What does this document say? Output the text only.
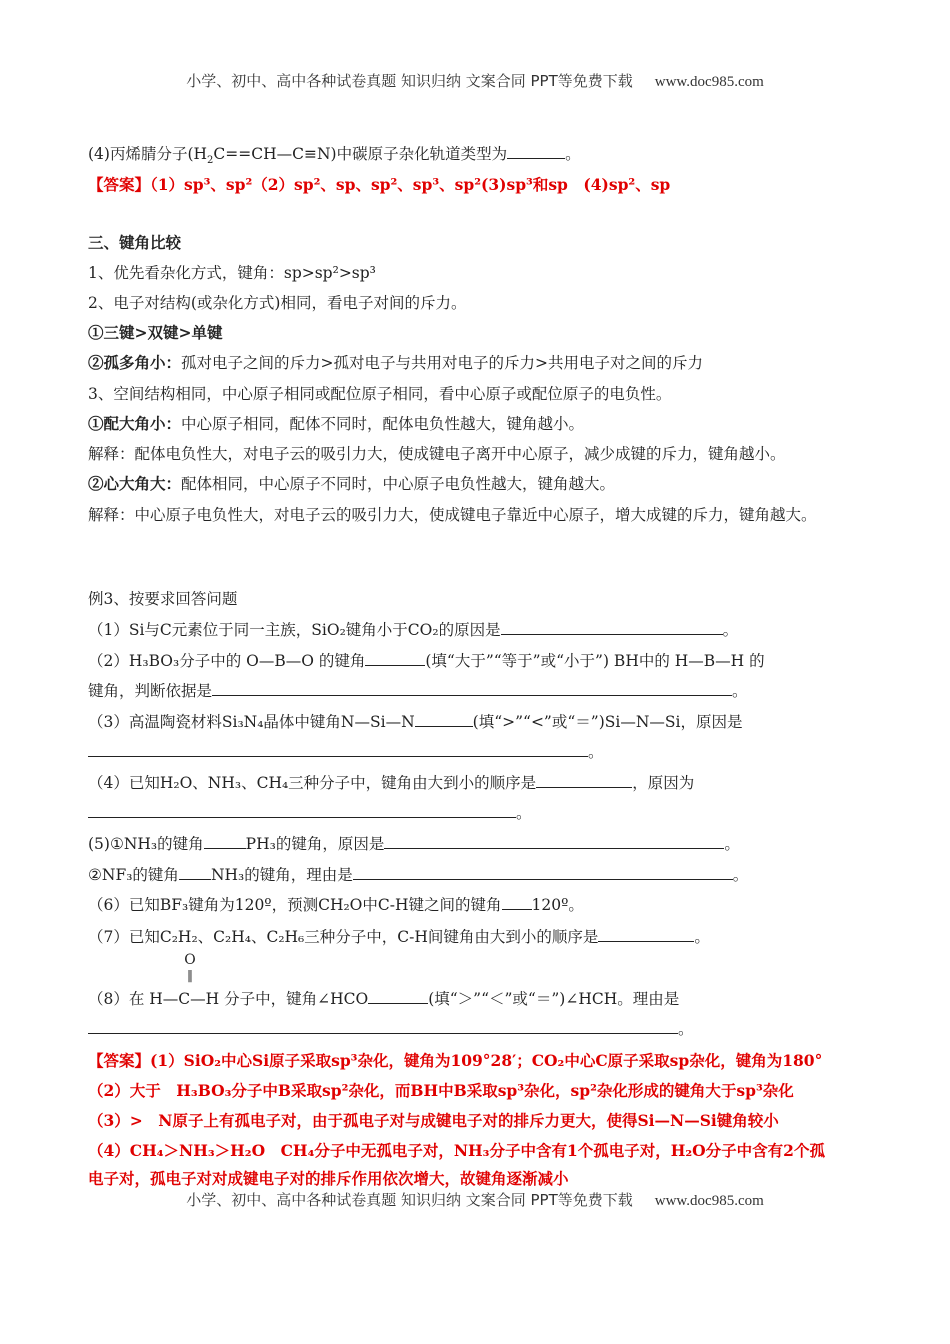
小学、初中、高中各种试卷真题 知识归纳 文案合同 PPT等免费下载 www.doc985.com
(4)丙烯腈分子$(H_2C==CH—C\equiv N)$中碳原子杂化轨道类型为	。
【答案】（1）sp³、sp²（2）sp²、sp、sp²、sp³、sp²(3)sp³和sp　(4)sp²、sp
三、键角比较
1、优先看杂化方式，键角：sp>sp²>sp³
2、电子对结构(或杂化方式)相同，看电子对间的斥力。
①三键>双键>单键
②孤多角小：孤对电子之间的斥力>孤对电子与共用对电子的斥力>共用电子对之间的斥力
3、空间结构相同，中心原子相同或配位原子相同，看中心原子或配位原子的电负性。
①配大角小：中心原子相同，配体不同时，配体电负性越大，键角越小。
解释：配体电负性大，对电子云的吸引力大，使成键电子离开中心原子，减少成键的斥力，键角越小。
②心大角大：配体相同，中心原子不同时，中心原子电负性越大，键角越大。
解释：中心原子电负性大，对电子云的吸引力大，使成键电子靠近中心原子，增大成键的斥力，键角越大。
例3、按要求回答问题
（1）Si与C元素位于同一主族，SiO₂键角小于CO₂的原因是	。
（2）H₃BO₃分子中的 O—B—O 的键角	(填“大于”“等于”或“小于”) BH中的 H—B—H 的
键角，判断依据是	。
（3）高温陶瓷材料Si₃N₄晶体中键角N—Si—N	(填“>”“<”或“＝”)Si—N—Si，原因是
。
（4）已知H₂O、NH₃、CH₄三种分子中，键角由大到小的顺序是	，原因为
。
(5)①NH₃的键角	PH₃的键角，原因是	。
②NF₃的键角 NH₃的键角，理由是	。
（6）已知BF₃键角为120º，预测CH₂O中C-H键之间的键角 120º。
（7）已知C₂H₂、C₂H₄、C₂H₆三种分子中，C-H间键角由大到小的顺序是	。
O
‖
（8）在 H—C—H 分子中，键角∠HCO	(填“＞”“＜”或“＝”)∠HCH。理由是
。
【答案】(1）SiO₂中心Si原子采取sp³杂化，键角为109°28′；CO₂中心C原子采取sp杂化，键角为180°
（2）大于　H₃BO₃分子中B采取sp²杂化，而BH中B采取sp³杂化，sp²杂化形成的键角大于sp³杂化
（3）>　N原子上有孤电子对，由于孤电子对与成键电子对的排斥力更大，使得Si—N—Si键角较小
（4）CH₄＞NH₃＞H₂O　CH₄分子中无孤电子对，NH₃分子中含有1个孤电子对，H₂O分子中含有2个孤
电子对，孤电子对对成键电子对的排斥作用依次增大，故键角逐渐减小
小学、初中、高中各种试卷真题 知识归纳 文案合同 PPT等免费下载 www.doc985.com
